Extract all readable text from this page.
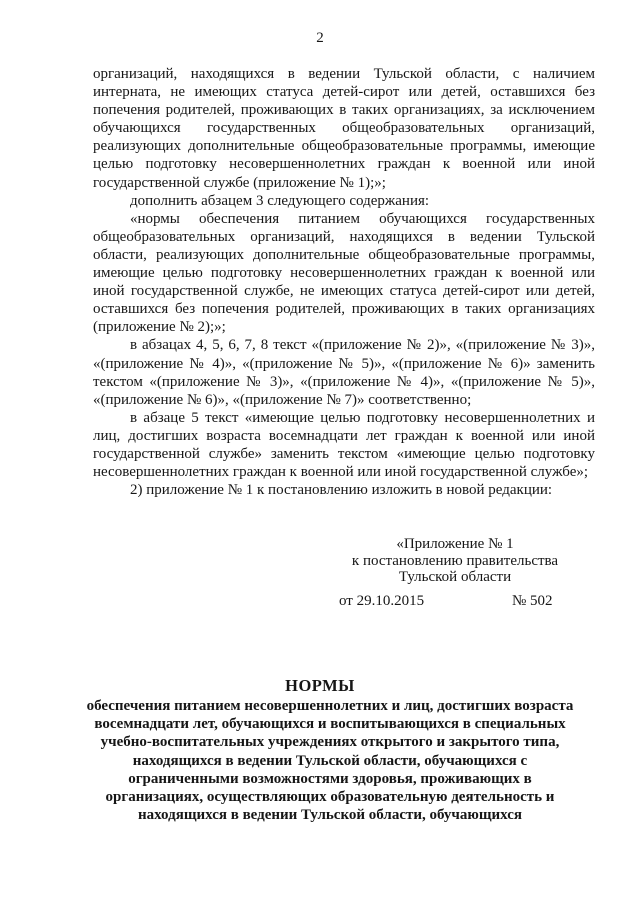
2

организаций, находящихся в ведении Тульской области, с наличием интернатa, не имеющих статуса детей-сирот или детей, оставшихся без попечения родителей, проживающих в таких организациях, за исключением обучающихся государственных общеобразовательных организаций, реализующих дополнительные общеобразовательные программы, имеющие целью подготовку несовершеннолетних граждан к военной или иной государственной службе (приложение № 1);»;

дополнить абзацем 3 следующего содержания:

«нормы обеспечения питанием обучающихся государственных общеобразовательных организаций, находящихся в ведении Тульской области, реализующих дополнительные общеобразовательные программы, имеющие целью подготовку несовершеннолетних граждан к военной или иной государственной службе, не имеющих статуса детей-сирот или детей, оставшихся без попечения родителей, проживающих в таких организациях (приложение № 2);»;

в абзацах 4, 5, 6, 7, 8 текст «(приложение № 2)», «(приложение № 3)», «(приложение № 4)», «(приложение № 5)», «(приложение № 6)» заменить текстом «(приложение № 3)», «(приложение № 4)», «(приложение № 5)», «(приложение № 6)», «(приложение № 7)» соответственно;

в абзаце 5 текст «имеющие целью подготовку несовершеннолетних и лиц, достигших возраста восемнадцати лет граждан к военной или иной государственной службе» заменить текстом «имеющие целью подготовку несовершеннолетних граждан к военной или иной государственной службе»;

2) приложение № 1 к постановлению изложить в новой редакции:

«Приложение № 1
к постановлению правительства
Тульской области
от 29.10.2015	№ 502
НОРМЫ
обеспечения питанием несовершеннолетних и лиц, достигших возраста
восемнадцати лет, обучающихся и воспитывающихся в специальных
учебно-воспитательных учреждениях открытого и закрытого типа,
находящихся в ведении Тульской области, обучающихся с
ограниченными возможностями здоровья, проживающих в
организациях, осуществляющих образовательную деятельность и
находящихся в ведении Тульской области, обучающихся
